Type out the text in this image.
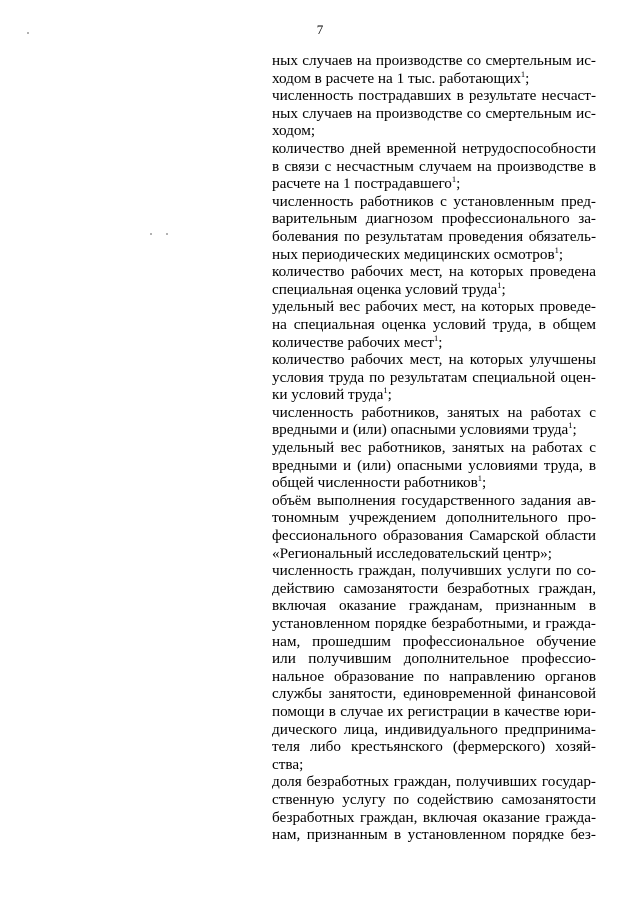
7
ных случаев на производстве со смертельным ис-
ходом в расчете на 1 тыс. работающих$^1$;
численность пострадавших в результате несчаст-
ных случаев на производстве со смертельным ис-
ходом;
количество дней временной нетрудоспособности
в связи с несчастным случаем на производстве в
расчете на 1 пострадавшего$^1$;
численность работников с установленным пред-
варительным диагнозом профессионального за-
болевания по результатам проведения обязатель-
ных периодических медицинских осмотров$^1$;
количество рабочих мест, на которых проведена
специальная оценка условий труда$^1$;
удельный вес рабочих мест, на которых проведе-
на специальная оценка условий труда, в общем
количестве рабочих мест$^1$;
количество рабочих мест, на которых улучшены
условия труда по результатам специальной оцен-
ки условий труда$^1$;
численность работников, занятых на работах с
вредными и (или) опасными условиями труда$^1$;
удельный вес работников, занятых на работах с
вредными и (или) опасными условиями труда, в
общей численности работников$^1$;
объём выполнения государственного задания ав-
тономным учреждением дополнительного про-
фессионального образования Самарской области
«Региональный исследовательский центр»;
численность граждан, получивших услуги по со-
действию самозанятости безработных граждан,
включая оказание гражданам, признанным в
установленном порядке безработными, и гражда-
нам, прошедшим профессиональное обучение
или получившим дополнительное профессио-
нальное образование по направлению органов
службы занятости, единовременной финансовой
помощи в случае их регистрации в качестве юри-
дического лица, индивидуального предпринима-
теля либо крестьянского (фермерского) хозяй-
ства;
доля безработных граждан, получивших государ-
ственную услугу по содействию самозанятости
безработных граждан, включая оказание гражда-
нам, признанным в установленном порядке без-
